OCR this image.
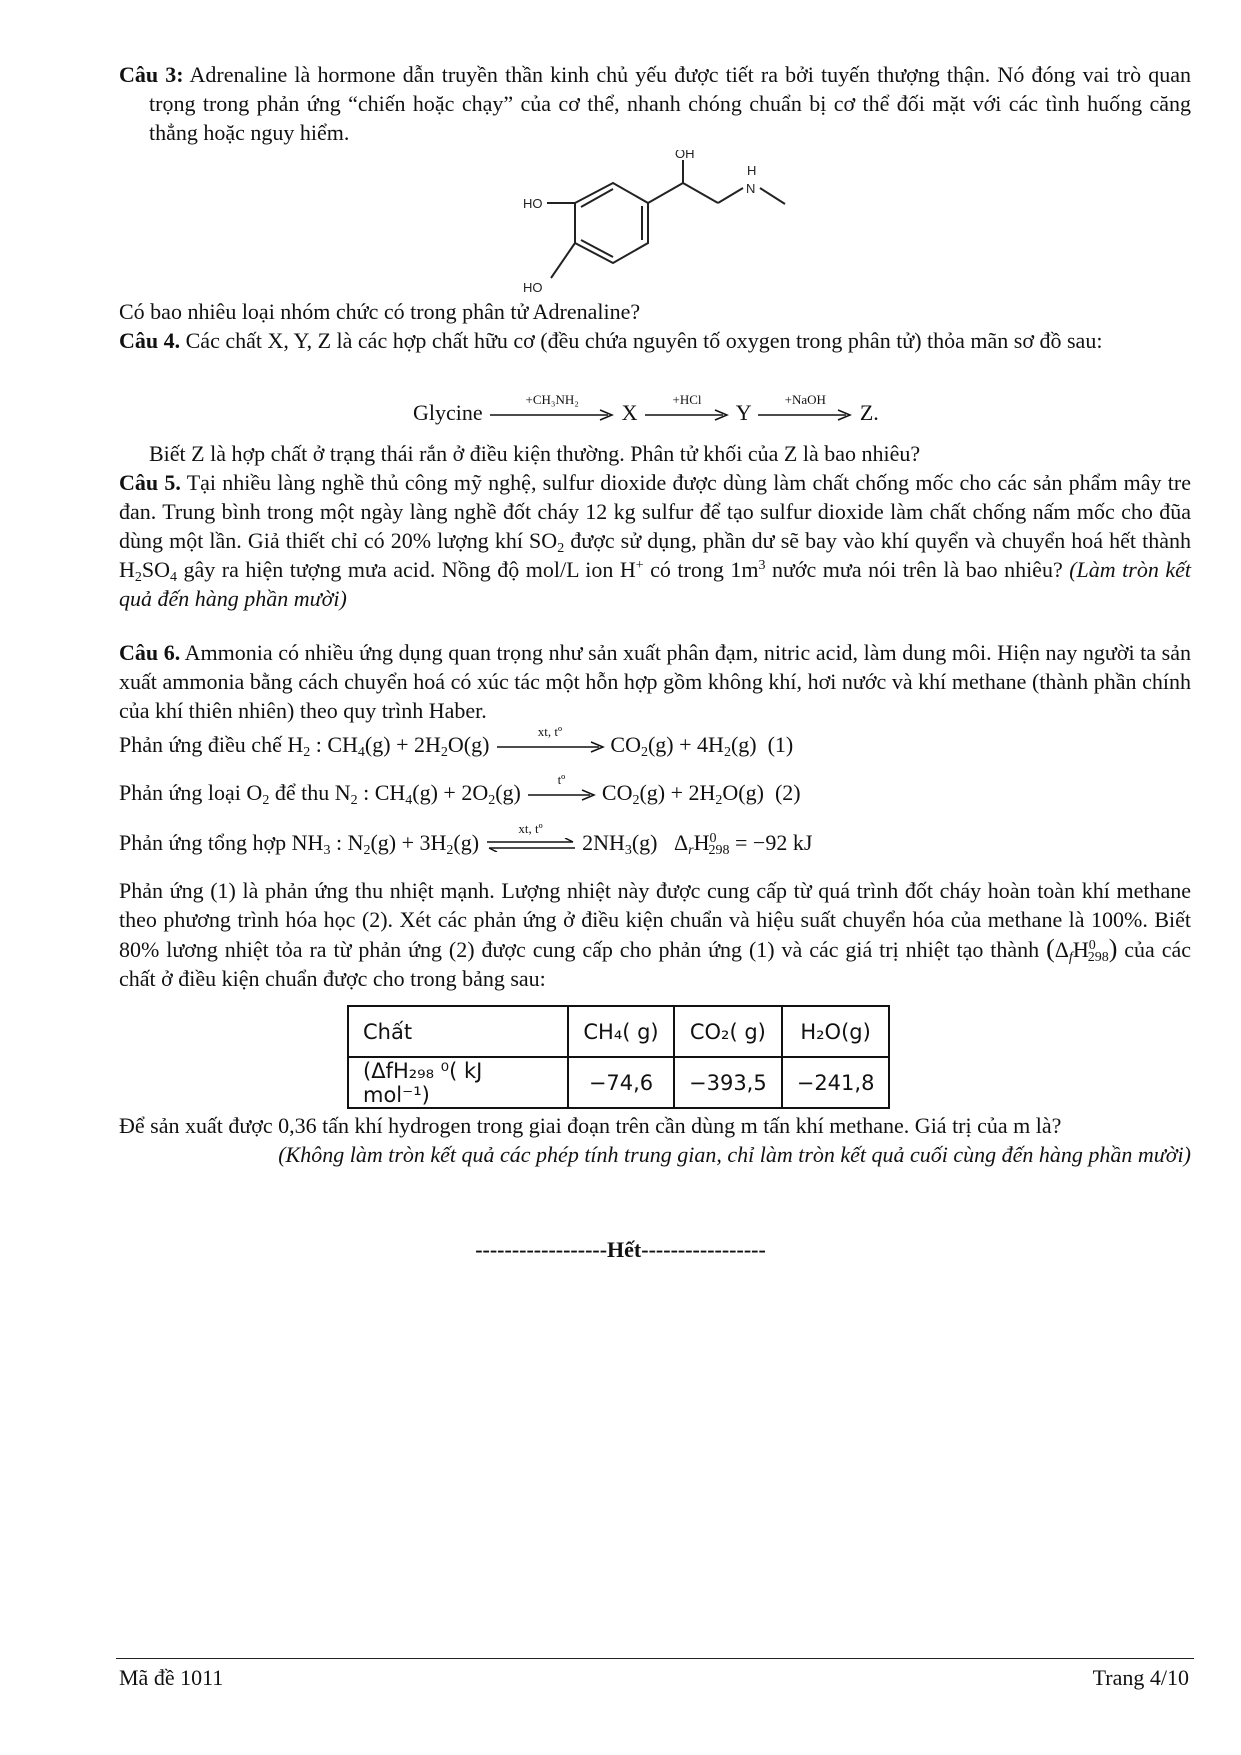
Câu 3: Adrenaline là hormone dẫn truyền thần kinh chủ yếu được tiết ra bởi tuyến thượng thận. Nó đóng vai trò quan trọng trong phản ứng “chiến hoặc chạy” của cơ thể, nhanh chóng chuẩn bị cơ thể đối mặt với các tình huống căng thẳng hoặc nguy hiểm.

OH
HO
HO
H
N

Có bao nhiêu loại nhóm chức có trong phân tử Adrenaline?

Câu 4. Các chất X, Y, Z là các hợp chất hữu cơ (đều chứa nguyên tố oxygen trong phân tử) thỏa mãn sơ đồ sau:

Glycine
+CH₃NH₂
X
+HCl
Y
+NaOH
Z.

Biết Z là hợp chất ở trạng thái rắn ở điều kiện thường. Phân tử khối của Z là bao nhiêu?

Câu 5. Tại nhiều làng nghề thủ công mỹ nghệ, sulfur dioxide được dùng làm chất chống mốc cho các sản phẩm mây tre đan. Trung bình trong một ngày làng nghề đốt cháy 12 kg sulfur để tạo sulfur dioxide làm chất chống nấm mốc cho đũa dùng một lần. Giả thiết chỉ có 20% lượng khí $SO_2$ được sử dụng, phần dư sẽ bay vào khí quyển và chuyển hoá hết thành $H_2SO_4$ gây ra hiện tượng mưa acid. Nồng độ mol/L ion H+ có trong $1m^3$ nước mưa nói trên là bao nhiêu? (Làm tròn kết quả đến hàng phần mười)

Câu 6. Ammonia có nhiều ứng dụng quan trọng như sản xuất phân đạm, nitric acid, làm dung môi. Hiện nay người ta sản xuất ammonia bằng cách chuyển hoá có xúc tác một hỗn hợp gồm không khí, hơi nước và khí methane (thành phần chính của khí thiên nhiên) theo quy trình Haber.

Phản ứng điều chế $H_2$ : $CH_4(g) + 2H_2O(g)$
xt, tº
$CO_2(g) + 4H_2(g)$  (1)
Phản ứng loại $O_2$ để thu $N_2$ : $CH_4(g) + 2O_2(g)$
tº
$CO_2(g) + 2H_2O(g)$  (2)
Phản ứng tổng hợp $NH_3$ : $N_2(g) + 3H_2(g)$
xt, tº
$2NH_3(g) \Delta_rH^0_{298} = -92$ kJ

Phản ứng (1) là phản ứng thu nhiệt mạnh. Lượng nhiệt này được cung cấp từ quá trình đốt cháy hoàn toàn khí methane theo phương trình hóa học (2). Xét các phản ứng ở điều kiện chuẩn và hiệu suất chuyển hóa của methane là 100%. Biết 80% lương nhiệt tỏa ra từ phản ứng (2) được cung cấp cho phản ứng (1) và các giá trị nhiệt tạo thành $(\Delta_fH^0_{298})$ của các chất ở điều kiện chuẩn được cho trong bảng sau:

Chất	CH₄( g)	CO₂( g)	H₂O(g)
(ΔfH₂₉₈ ⁰( kJ mol⁻¹)	−74,6	−393,5	−241,8

Để sản xuất được 0,36 tấn khí hydrogen trong giai đoạn trên cần dùng m tấn khí methane. Giá trị của m là?

(Không làm tròn kết quả các phép tính trung gian, chỉ làm tròn kết quả cuối cùng đến hàng phần mười)

------------------Hết-----------------
Mã đề 1011	Trang 4/10
